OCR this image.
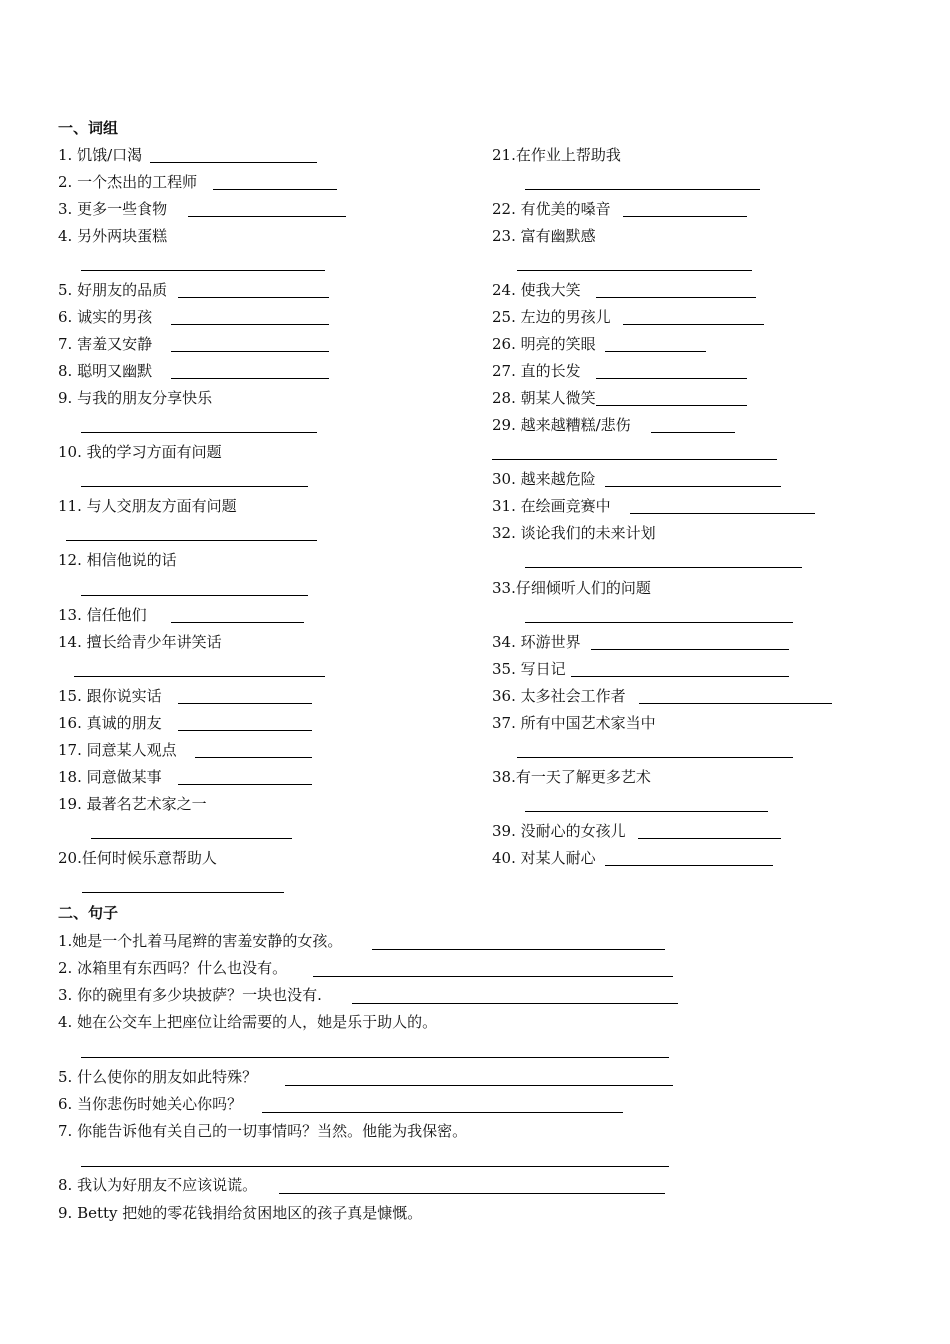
一、词组
1. 饥饿/口渴
2. 一个杰出的工程师
3. 更多一些食物
4. 另外两块蛋糕
5. 好朋友的品质
6. 诚实的男孩
7. 害羞又安静
8. 聪明又幽默
9. 与我的朋友分享快乐
10. 我的学习方面有问题
11. 与人交朋友方面有问题
12. 相信他说的话
13. 信任他们
14. 擅长给青少年讲笑话
15. 跟你说实话
16. 真诚的朋友
17. 同意某人观点
18. 同意做某事
19. 最著名艺术家之一
20.任何时候乐意帮助人
21.在作业上帮助我
22. 有优美的嗓音
23. 富有幽默感
24. 使我大笑
25. 左边的男孩儿
26. 明亮的笑眼
27. 直的长发
28. 朝某人微笑
29. 越来越糟糕/悲伤
30. 越来越危险
31. 在绘画竞赛中
32. 谈论我们的未来计划
33.仔细倾听人们的问题
34. 环游世界
35. 写日记
36. 太多社会工作者
37. 所有中国艺术家当中
38.有一天了解更多艺术
39. 没耐心的女孩儿
40. 对某人耐心
二、句子
1.她是一个扎着马尾辫的害羞安静的女孩。
2. 冰箱里有东西吗？什么也没有。
3. 你的碗里有多少块披萨？一块也没有.
4. 她在公交车上把座位让给需要的人，她是乐于助人的。
5. 什么使你的朋友如此特殊？
6. 当你悲伤时她关心你吗？
7. 你能告诉他有关自己的一切事情吗？当然。他能为我保密。
8. 我认为好朋友不应该说谎。
9. Betty 把她的零花钱捐给贫困地区的孩子真是慷慨。
